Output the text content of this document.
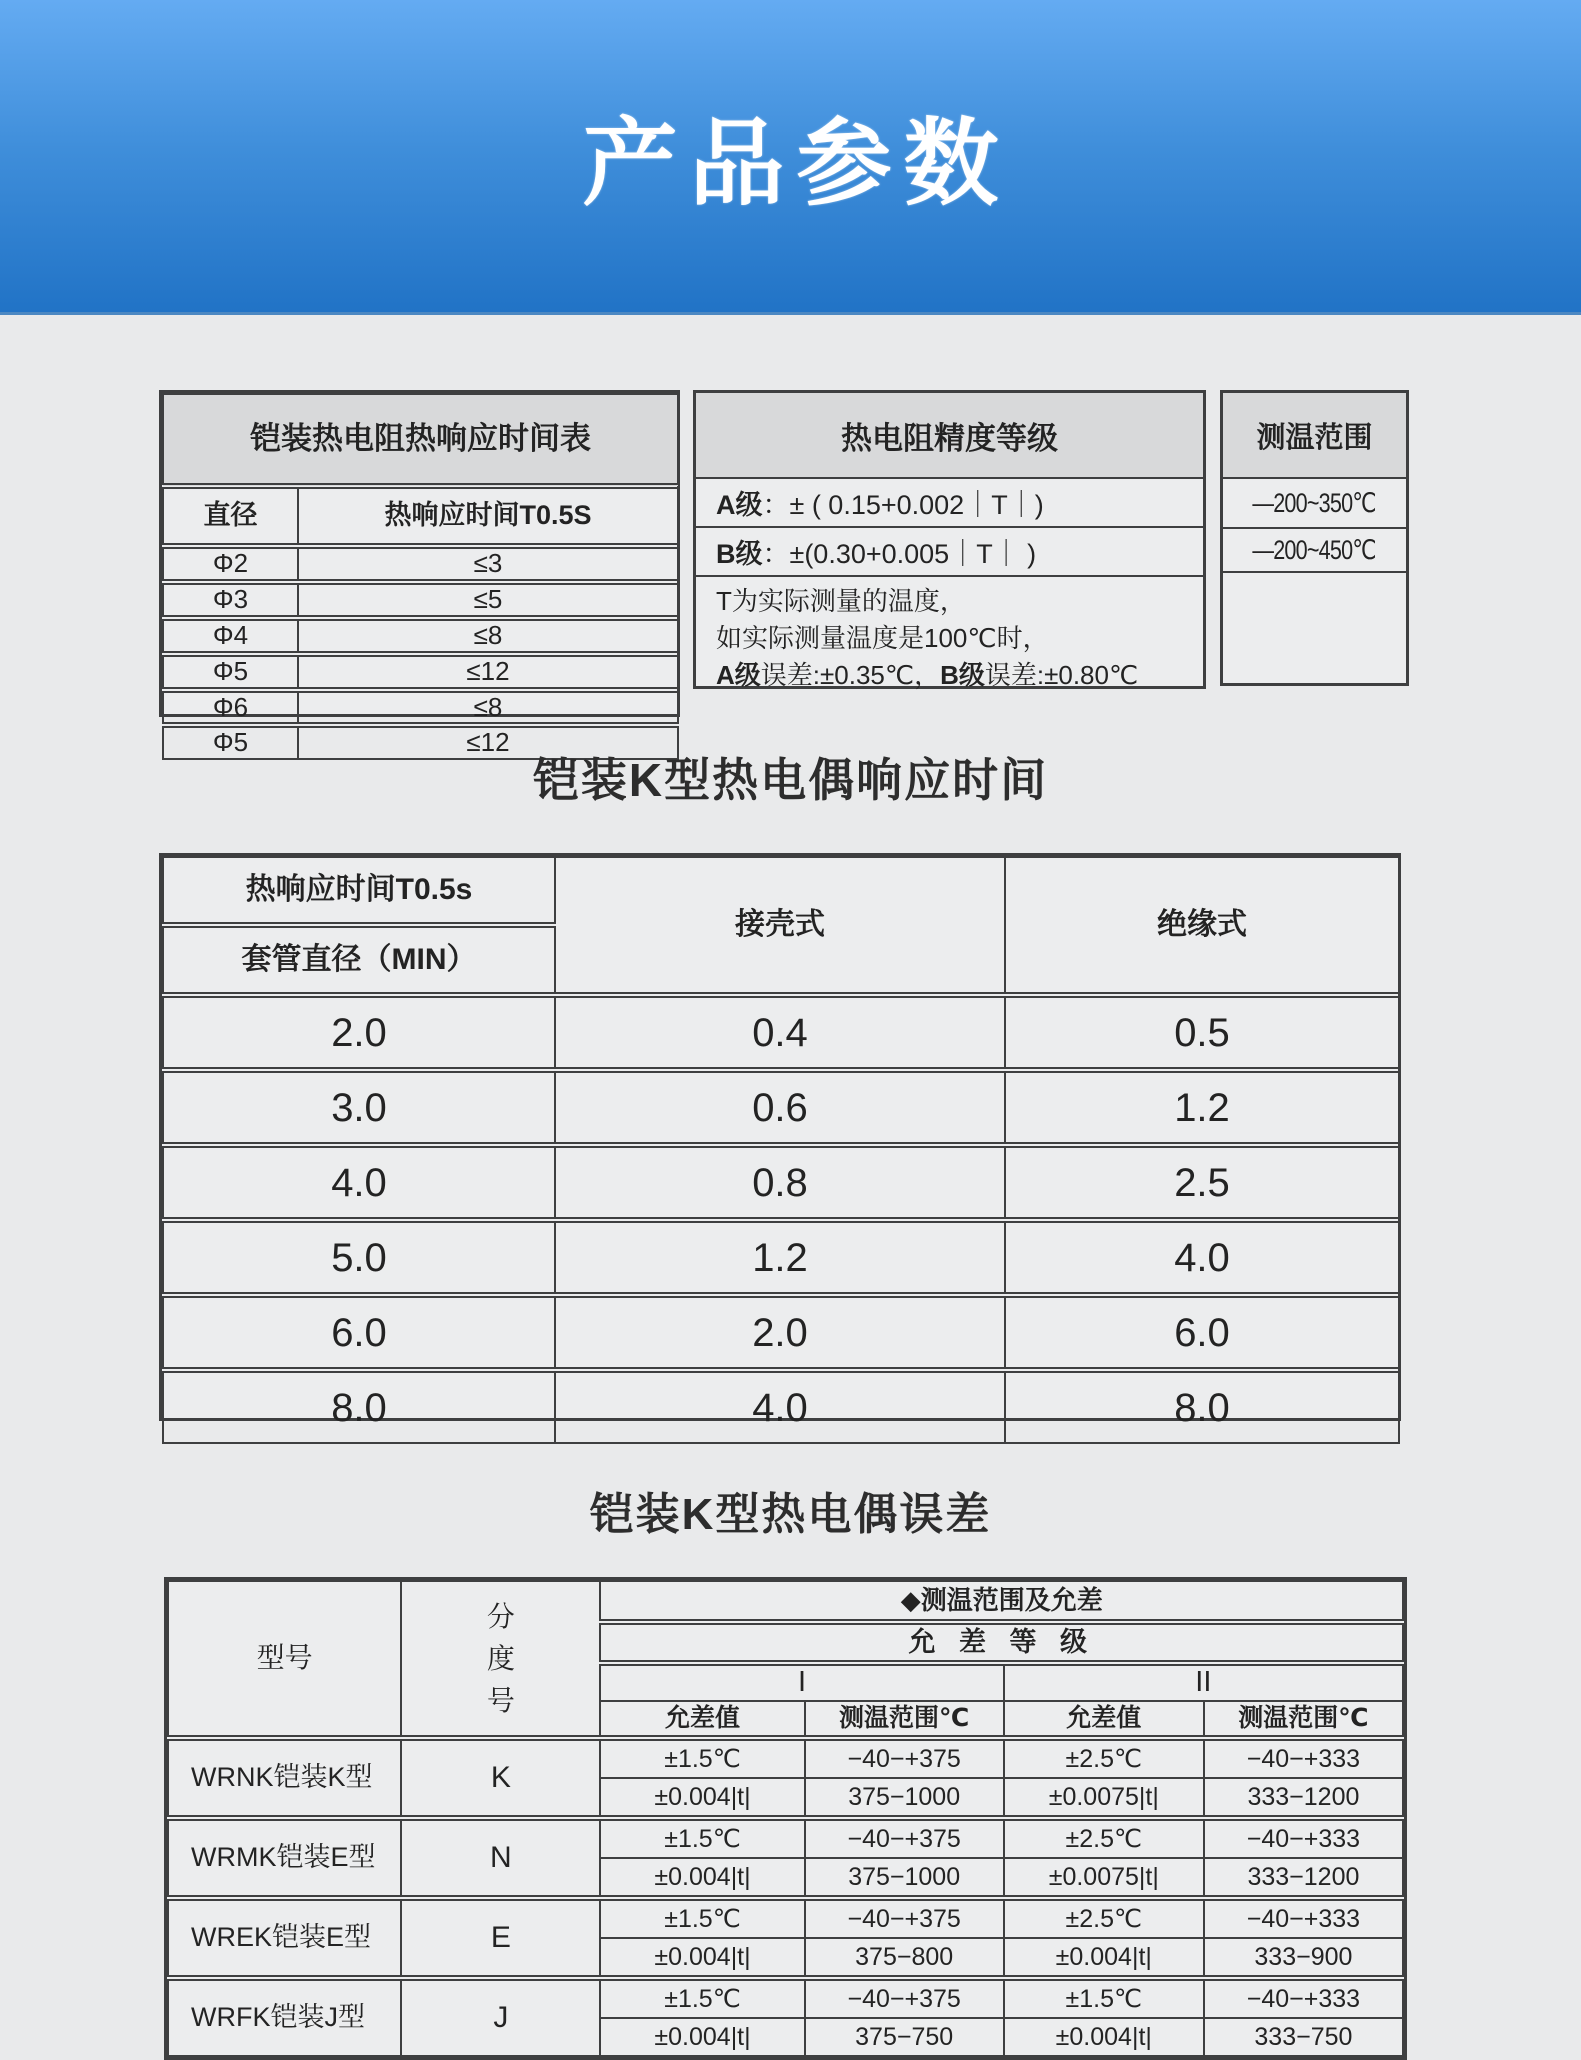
产品参数
铠装热电阻热响应时间表	
直径	热响应时间T0.5S
Φ2	≤3
Φ3	≤5
Φ4	≤8
Φ5	≤12
Φ6	≤8
Φ5	≤12
热电阻精度等级
A级 ：± ( 0.15+0.002｜T｜)
B级 ：±(0.30+0.005｜T｜ )
T为实际测量的温度，
如实际测量温度是100℃时，
A级误差:±0.35℃，B级误差:±0.80℃
测温范围
—200~350℃
—200~450℃
铠装K型热电偶响应时间
热响应时间T0.5s	接壳式	绝缘式
套管直径（MIN）		
2.0	0.4	0.5
3.0	0.6	1.2
4.0	0.8	2.5
5.0	1.2	4.0
6.0	2.0	6.0
8.0	4.0	8.0
铠装K型热电偶误差
型号	分度号	◆测温范围及允差			
		允 差 等 级			
		I		II	
		允差值	测温范围℃	允差值	测温范围℃
WRNK铠装K型	K	±1.5℃	−40−+375	±2.5℃	−40−+333
		±0.004|t|	375−1000	±0.0075|t|	333−1200
WRMK铠装E型	N	±1.5℃	−40−+375	±2.5℃	−40−+333
		±0.004|t|	375−1000	±0.0075|t|	333−1200
WREK铠装E型	E	±1.5℃	−40−+375	±2.5℃	−40−+333
		±0.004|t|	375−800	±0.004|t|	333−900
WRFK铠装J型	J	±1.5℃	−40−+375	±1.5℃	−40−+333
		±0.004|t|	375−750	±0.004|t|	333−750
